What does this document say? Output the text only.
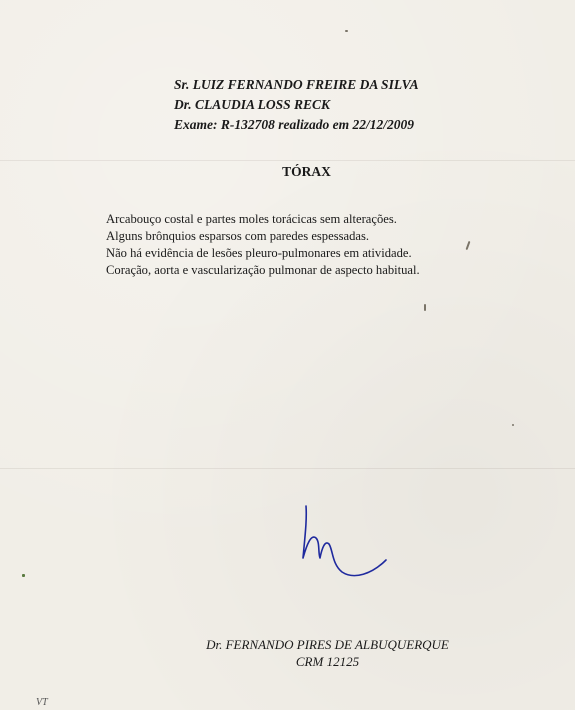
Sr. LUIZ FERNANDO FREIRE DA SILVA
Dr. CLAUDIA LOSS RECK
Exame: R-132708 realizado em 22/12/2009
TÓRAX
Arcabouço costal e partes moles torácicas sem alterações.
Alguns brônquios esparsos com paredes espessadas.
Não há evidência de lesões pleuro-pulmonares em atividade.
Coração, aorta e vascularização pulmonar de aspecto habitual.
Dr. FERNANDO PIRES DE ALBUQUERQUE
CRM 12125
VT
